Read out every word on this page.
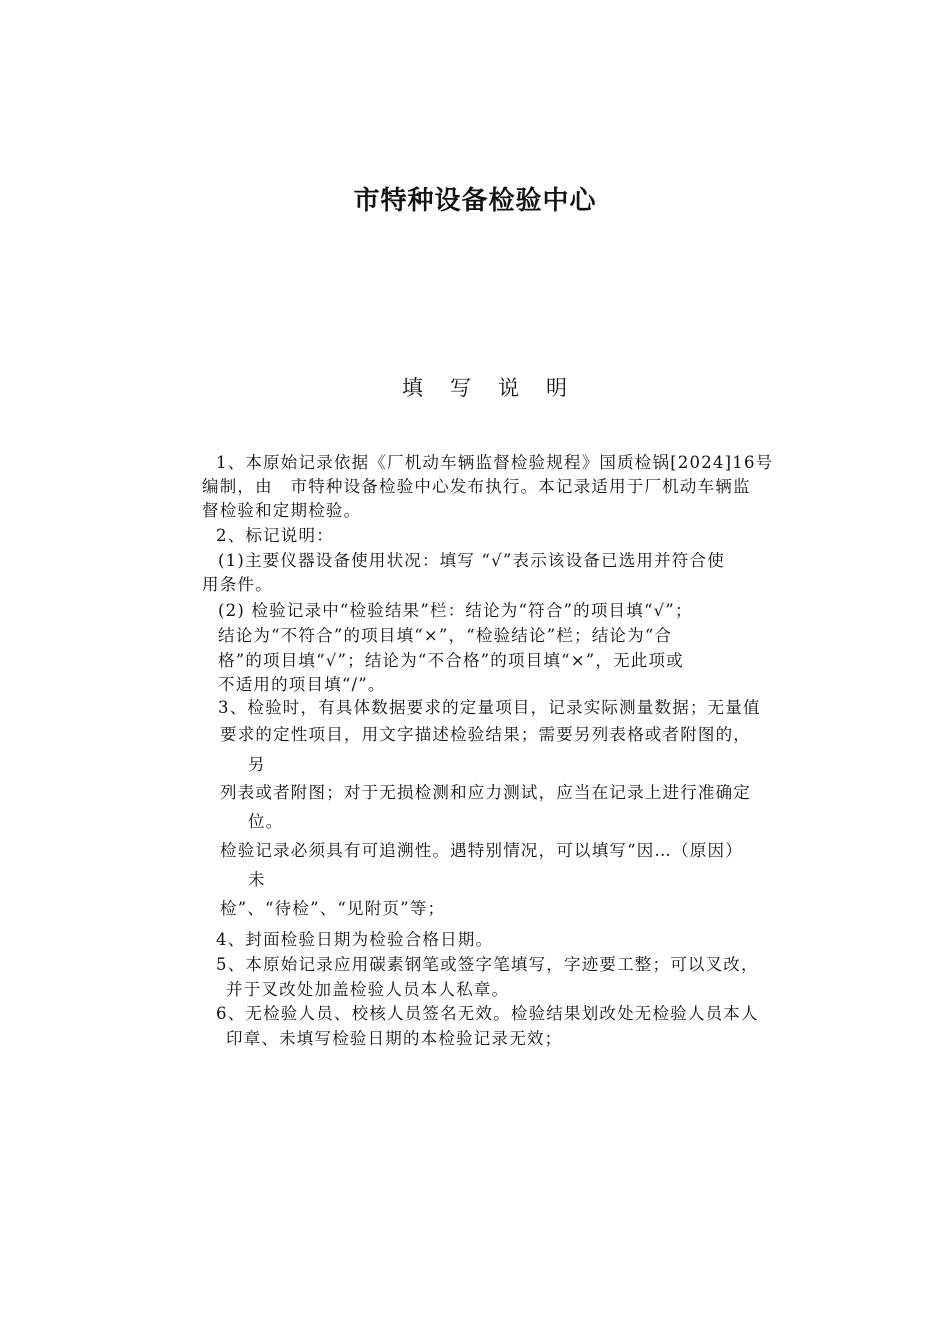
市特种设备检验中心
填写说明

1、本原始记录依据《厂机动车辆监督检验规程》国质检锅[2024]16号

编制，由　市特种设备检验中心发布执行。本记录适用于厂机动车辆监

督检验和定期检验。

2、标记说明：

(1)主要仪器设备使用状况：填写 “√”表示该设备已选用并符合使

用条件。

(2) 检验记录中“检验结果”栏：结论为“符合”的项目填“√”；

结论为“不符合”的项目填“×”，“检验结论”栏；结论为“合

格”的项目填“√”；结论为“不合格”的项目填“×”，无此项或

不适用的项目填“/”。

3、检验时，有具体数据要求的定量项目，记录实际测量数据；无量值

要求的定性项目，用文字描述检验结果；需要另列表格或者附图的，

另

列表或者附图；对于无损检测和应力测试，应当在记录上进行准确定

位。

检验记录必须具有可追溯性。遇特别情况，可以填写“因…（原因）

未

检”、“待检”、“见附页”等；

4、封面检验日期为检验合格日期。

5、本原始记录应用碳素钢笔或签字笔填写，字迹要工整；可以叉改，

并于叉改处加盖检验人员本人私章。

6、无检验人员、校核人员签名无效。检验结果划改处无检验人员本人

印章、未填写检验日期的本检验记录无效；
